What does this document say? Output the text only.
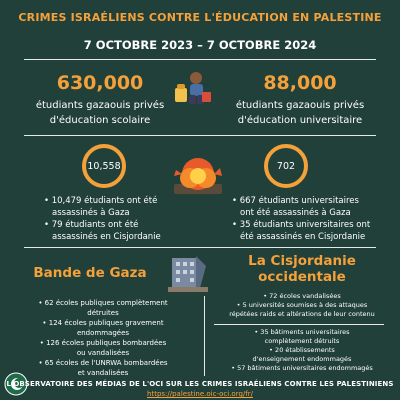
CRIMES ISRAÉLIENS CONTRE L'ÉDUCATION EN PALESTINE
7 OCTOBRE 2023 – 7 OCTOBRE 2024
630,000
étudiants gazaouis privés
d'éducation scolaire
88,000
étudiants gazaouis privés
d'éducation universitaire
10,558	702
• 10,479 étudiants ont été
assassinés à Gaza
• 79 étudiants ont été
assassinés en Cisjordanie
• 667 étudiants universitaires
ont été assassinés à Gaza
• 35 étudiants universitaires ont
été assassinés en Cisjordanie
Bande de Gaza
• 62 écoles publiques complètement
détruites
• 124 écoles publiques gravement
endommagées
• 126 écoles publiques bombardées
ou vandalisées
• 65 écoles de l'UNRWA bombardées
et vandalisées
La Cisjordanie
occidentale
• 72 écoles vandalisées
• 5 universités soumises à des attaques
répétées raids et altérations de leur contenu
• 35 bâtiments universitaires
complètement détruits
• 20 établissements
d'enseignement endommagés
• 57 bâtiments universitaires endommagés
L'OBSERVATOIRE DES MÉDIAS DE L'OCI SUR LES CRIMES ISRAÉLIENS CONTRE LES PALESTINIENS
https://palestine.oic-oci.org/fr/
